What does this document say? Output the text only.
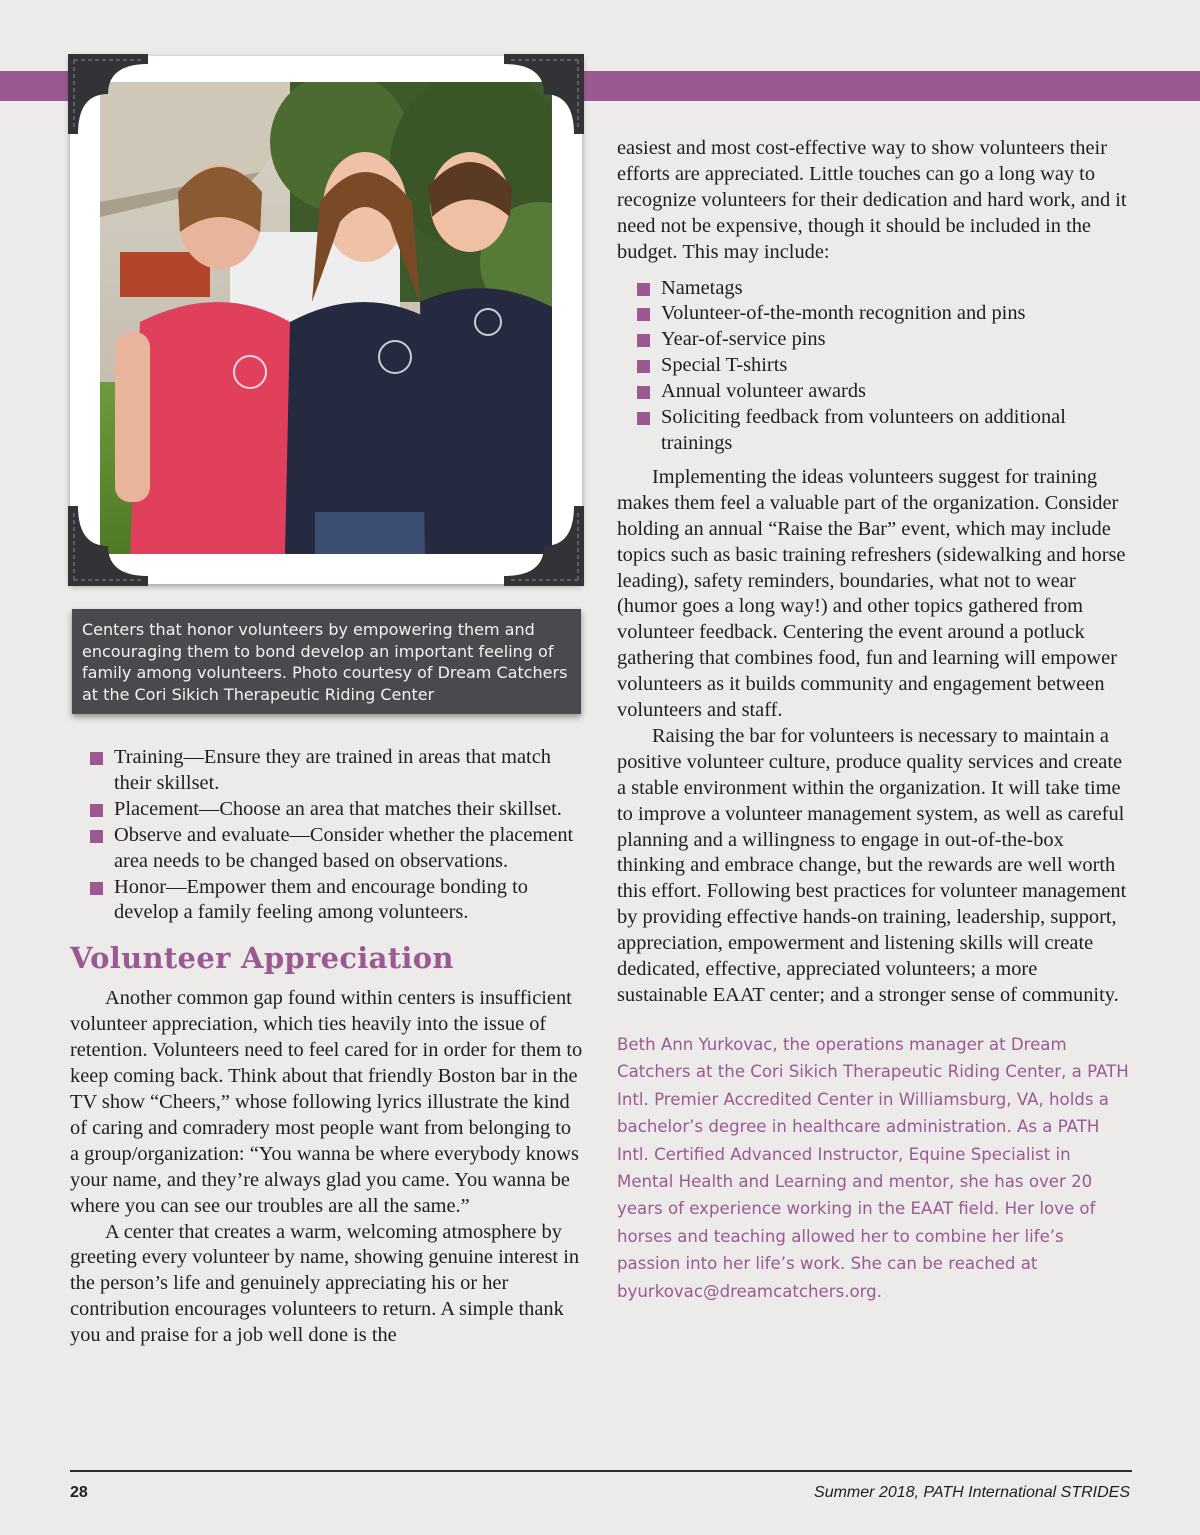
Centers that honor volunteers by empowering them and encouraging them to bond develop an important feeling of family among volunteers. Photo courtesy of Dream Catchers at the Cori Sikich Therapeutic Riding Center
Training—Ensure they are trained in areas that match their skillset.
Placement—Choose an area that matches their skillset.
Observe and evaluate—Consider whether the placement area needs to be changed based on observations.
Honor—Empower them and encourage bonding to develop a family feeling among volunteers.
Volunteer Appreciation

Another common gap found within centers is insufficient volunteer appreciation, which ties heavily into the issue of retention. Volunteers need to feel cared for in order for them to keep coming back. Think about that friendly Boston bar in the TV show “Cheers,” whose following lyrics illustrate the kind of caring and comradery most people want from belonging to a group/organization: “You wanna be where everybody knows your name, and they’re always glad you came. You wanna be where you can see our troubles are all the same.”

A center that creates a warm, welcoming atmosphere by greeting every volunteer by name, showing genuine interest in the person’s life and genuinely appreciating his or her contribution encourages volunteers to return. A simple thank you and praise for a job well done is the

easiest and most cost-effective way to show volunteers their efforts are appreciated. Little touches can go a long way to recognize volunteers for their dedication and hard work, and it need not be expensive, though it should be included in the budget. This may include:

Nametags
Volunteer-of-the-month recognition and pins
Year-of-service pins
Special T-shirts
Annual volunteer awards
Soliciting feedback from volunteers on additional trainings

Implementing the ideas volunteers suggest for training makes them feel a valuable part of the organization. Consider holding an annual “Raise the Bar” event, which may include topics such as basic training refreshers (sidewalking and horse leading), safety reminders, boundaries, what not to wear (humor goes a long way!) and other topics gathered from volunteer feedback. Centering the event around a potluck gathering that combines food, fun and learning will empower volunteers as it builds community and engagement between volunteers and staff.

Raising the bar for volunteers is necessary to maintain a positive volunteer culture, produce quality services and create a stable environment within the organization. It will take time to improve a volunteer management system, as well as careful planning and a willingness to engage in out-of-the-box thinking and embrace change, but the rewards are well worth this effort. Following best practices for volunteer management by providing effective hands-on training, leadership, support, appreciation, empowerment and listening skills will create dedicated, effective, appreciated volunteers; a more sustainable EAAT center; and a stronger sense of community.

Beth Ann Yurkovac, the operations manager at Dream Catchers at the Cori Sikich Therapeutic Riding Center, a PATH Intl. Premier Accredited Center in Williamsburg, VA, holds a bachelor’s degree in healthcare administration. As a PATH Intl. Certified Advanced Instructor, Equine Specialist in Mental Health and Learning and mentor, she has over 20 years of experience working in the EAAT field. Her love of horses and teaching allowed her to combine her life’s passion into her life’s work. She can be reached at byurkovac@dreamcatchers.org.

28	Summer 2018, PATH International STRIDES
